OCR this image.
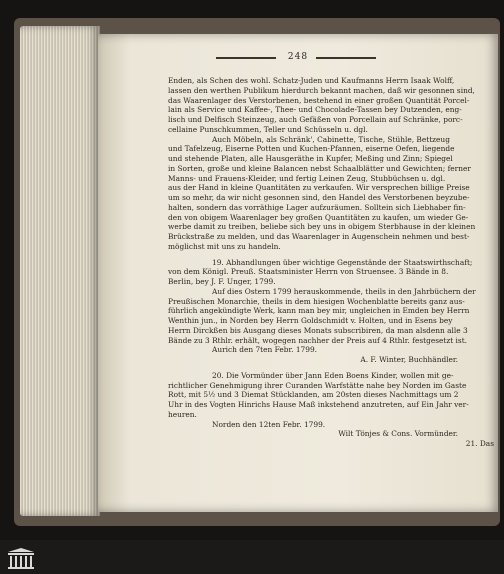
248
Enden, als Schen des wohl. Schatz-Juden und Kaufmanns Herrn Isaak Wolff,
lassen den werthen Publikum hierdurch bekannt machen, daß wir gesonnen sind,
das Waarenlager des Verstorbenen, bestehend in einer großen Quantität Porcel-
lain als Service und Kaffee-, Thee- und Chocolade-Tassen bey Dutzenden, eng-
lisch und Delfisch Steinzeug, auch Gefäßen von Porcellain auf Schränke, porc-
cellaine Punschkummen, Teller und Schüsseln u. dgl.
Auch Möbeln, als Schränk', Cabinette, Tische, Stühle, Bettzeug
und Tafelzeug, Eiserne Potten und Kuchen-Pfannen, eiserne Oefen, liegende
und stehende Platen, alle Hausgeräthe in Kupfer, Meßing und Zinn; Spiegel
in Sorten, große und kleine Balancen nebst Schaalblätter und Gewichten; ferner
Manns- und Frauens-Kleider, und fertig Leinen Zeug, Stubbüchsen u. dgl.
aus der Hand in kleine Quantitäten zu verkaufen. Wir versprechen billige Preise
um so mehr, da wir nicht gesonnen sind, den Handel des Verstorbenen beyzube-
halten, sondern das vorräthige Lager aufzuräumen. Solltein sich Liebhaber fin-
den von obigem Waarenlager bey großen Quantitäten zu kaufen, um wieder Ge-
werbe damit zu treiben, beliebe sich bey uns in obigem Sterbhause in der kleinen
Brückstraße zu melden, und das Waarenlager in Augenschein nehmen und best-
möglichst mit uns zu handeln.
19. Abhandlungen über wichtige Gegenstände der Staatswirthschaft;
von dem Königl. Preuß. Staatsminister Herrn von Struensee. 3 Bände in 8.
Berlin, bey J. F. Unger, 1799.
Auf dies Ostern 1799 herauskommende, theils in den Jahrbüchern der
Preußischen Monarchie, theils in dem hiesigen Wochenblatte bereits ganz aus-
führlich angekündigte Werk, kann man bey mir, ungleichen in Emden bey Herrn
Wenthin jun., in Norden bey Herrn Goldschmidt v. Holten, und in Esens bey
Herrn Dirckßen bis Ausgang dieses Monats subscribiren, da man alsdenn alle 3
Bände zu 3 Rthlr. erhält, wogegen nachher der Preis auf 4 Rthlr. festgesetzt ist.
Aurich den 7ten Febr. 1799.
A. F. Winter, Buchhändler.
20. Die Vormünder über Jann Eden Boens Kinder, wollen mit ge-
richtlicher Genehmigung ihrer Curanden Warfstätte nahe bey Norden im Gaste
Rott, mit 5½ und 3 Diemat Stücklanden, am 20sten dieses Nachmittags um 2
Uhr in des Vogten Hinrichs Hause Maß inkstehend anzutreten, auf Ein Jahr ver-
heuren.
Norden den 12ten Febr. 1799.
Wilt Tönjes & Cons. Vormünder.
21. Das
